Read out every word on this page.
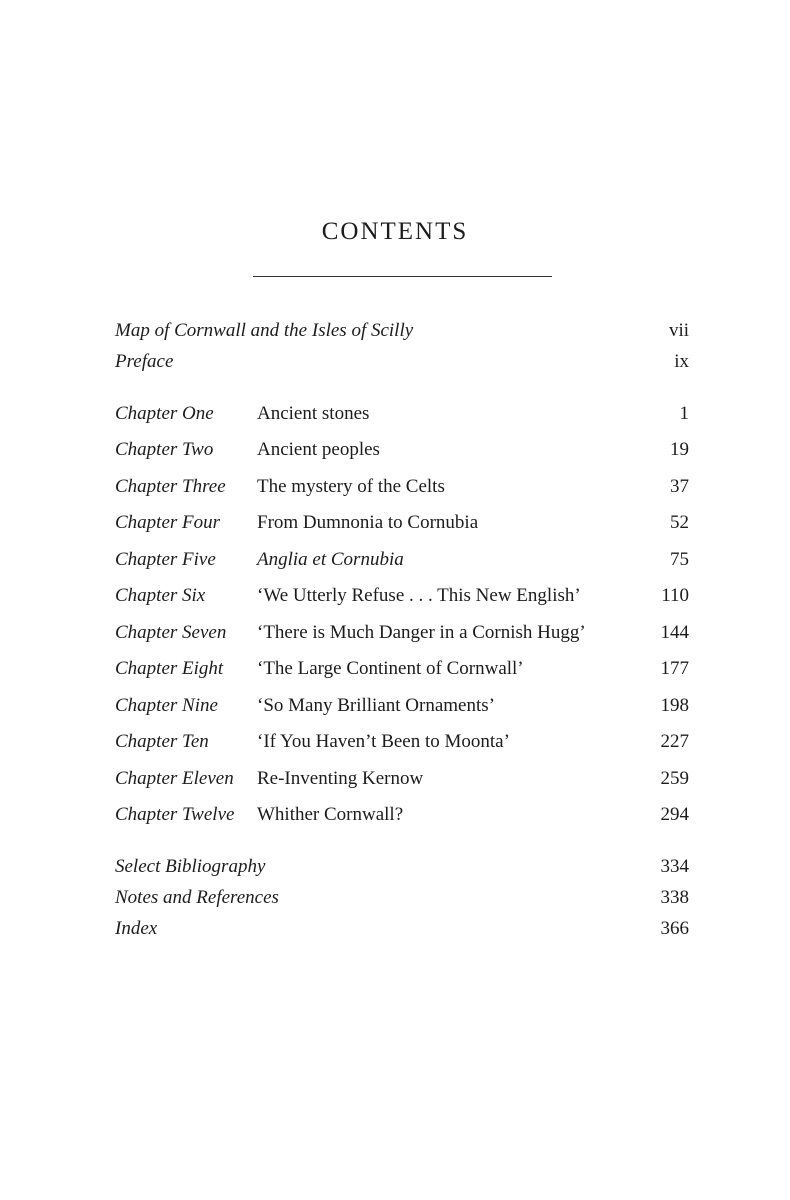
CONTENTS
Map of Cornwall and the Isles of Scilly	vii
Preface	ix
Chapter One Ancient stones	1
Chapter Two Ancient peoples	19
Chapter Three The mystery of the Celts	37
Chapter Four From Dumnonia to Cornubia	52
Chapter Five Anglia et Cornubia	75
Chapter Six	‘We Utterly Refuse . . . This New English’	110
Chapter Seven ‘There is Much Danger in a Cornish Hugg’	144
Chapter Eight ‘The Large Continent of Cornwall’	177
Chapter Nine ‘So Many Brilliant Ornaments’	198
Chapter Ten	‘If You Haven’t Been to Moonta’	227
Chapter Eleven Re-Inventing Kernow	259
Chapter Twelve Whither Cornwall?	294
Select Bibliography	334
Notes and References	338
Index	366
